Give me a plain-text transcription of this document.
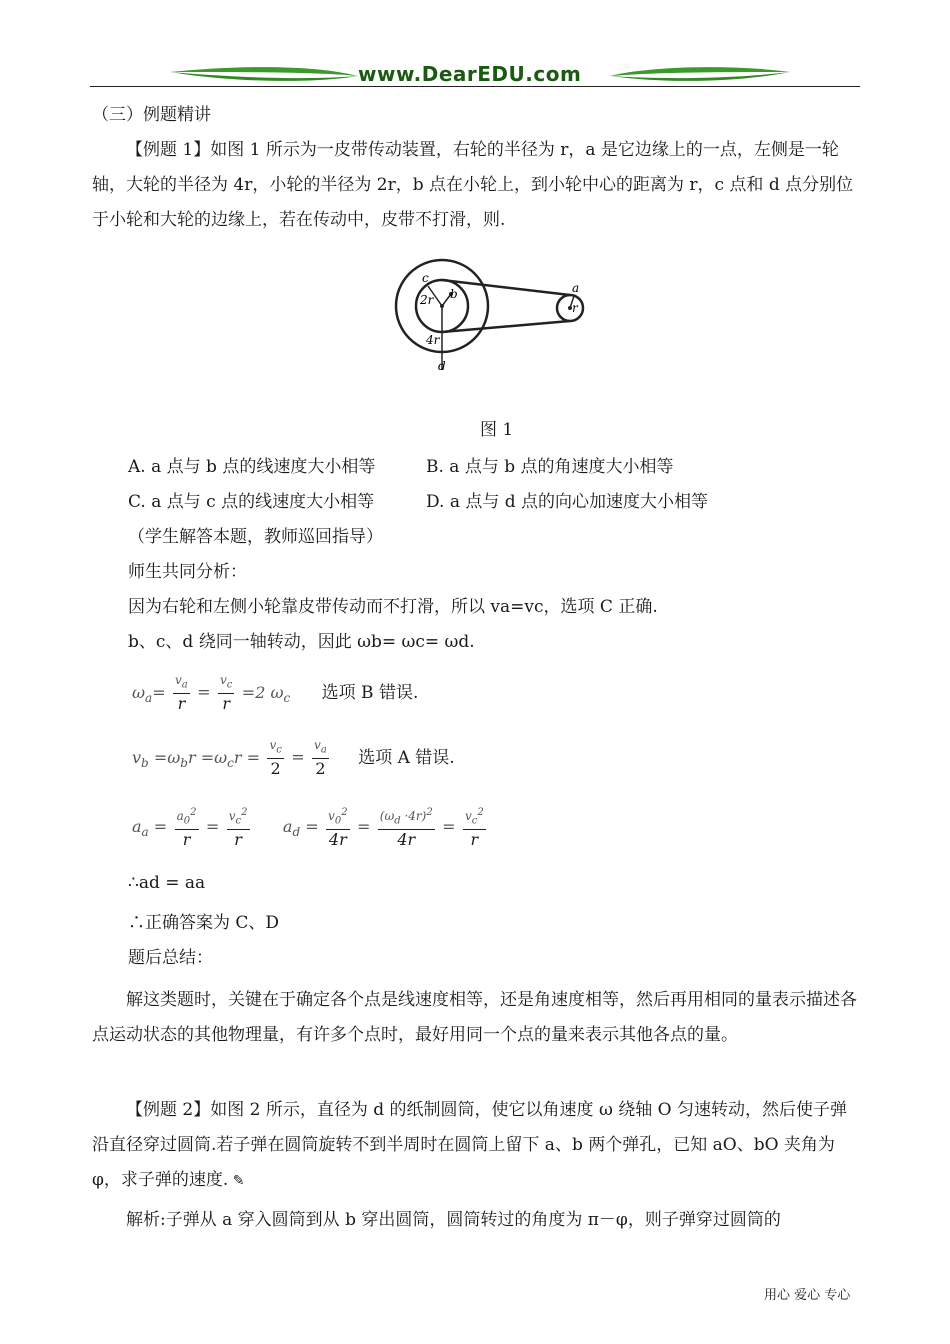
www.DearEDU.com
（三）例题精讲

【例题 1】如图 1 所示为一皮带传动装置，右轮的半径为 r，a 是它边缘上的一点，左侧是一轮轴，大轮的半径为 4r，小轮的半径为 2r，b 点在小轮上，到小轮中心的距离为 r，c 点和 d 点分别位于小轮和大轮的边缘上，若在传动中，皮带不打滑，则.

c
b
2r
4r
d
a
r
图 1
A. a 点与 b 点的线速度大小相等	B. a 点与 b 点的角速度大小相等
C. a 点与 c 点的线速度大小相等	D. a 点与 d 点的向心加速度大小相等
（学生解答本题，教师巡回指导）
师生共同分析：
因为右轮和左侧小轮靠皮带传动而不打滑，所以 va=vc，选项 C 正确.
b、c、d 绕同一轴转动，因此 ωb= ωc= ωd.
$\omega_a= \frac{v_a}{r} = \frac{v_c}{r} =2$ $\omega_c$ 选项 B 错误.
$v_b =\omega_br =\omega_cr = \frac{v_c}{2} = \frac{v_a}{2}$ 选项 A 错误.
$a_a = \frac{a_0^2}{r} = \frac{v_c^2}{r} a_d = \frac{v_0^2}{4r} = \frac{(\omega_d \cdot 4r)^2}{4r} = \frac{v_c^2}{r}$
∴ad = aa
∴正确答案为 C、D
题后总结：

解这类题时，关键在于确定各个点是线速度相等，还是角速度相等，然后再用相同的量表示描述各点运动状态的其他物理量，有许多个点时，最好用同一个点的量来表示其他各点的量。

【例题 2】如图 2 所示，直径为 d 的纸制圆筒，使它以角速度 ω 绕轴 O 匀速转动，然后使子弹沿直径穿过圆筒.若子弹在圆筒旋转不到半周时在圆筒上留下 a、b 两个弹孔，已知 aO、bO 夹角为 φ，求子弹的速度. ✎

解析:子弹从 a 穿入圆筒到从 b 穿出圆筒，圆筒转过的角度为 π－φ，则子弹穿过圆筒的

用心 爱心 专心
